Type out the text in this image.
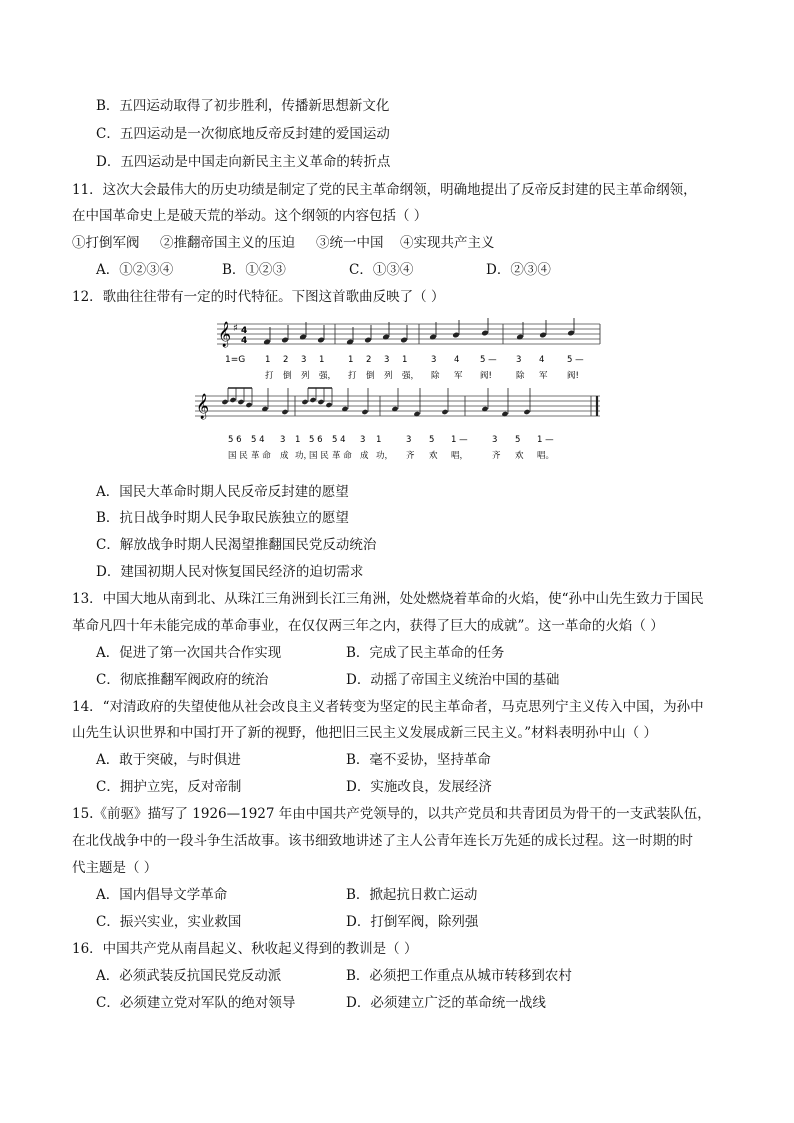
B．五四运动取得了初步胜利，传播新思想新文化
C．五四运动是一次彻底地反帝反封建的爱国运动
D．五四运动是中国走向新民主主义革命的转折点
11．这次大会最伟大的历史功绩是制定了党的民主革命纲领，明确地提出了反帝反封建的民主革命纲领，
在中国革命史上是破天荒的举动。这个纲领的内容包括（ ）
①打倒军阀 ②推翻帝国主义的压迫 ③统一中国 ④实现共产主义
A．①②③④	B．①②③	C．①③④	D．②③④
12．歌曲往往带有一定的时代特征。下图这首歌曲反映了（ ）
𝄞 ♯ 4
4
𝄞
1=G 1 2 3 1	1 2 3 1	3 4 5 — 3 4	5 —
打 倒 列 强， 打 倒 列 强， 除 军 阀!	除 军 阀!
5 6 5 4 3 1 5 6 5 4 3 1	3 5 1 —	3 5 1 —
国 民 革 命 成 功，
国 民 革 命 成 功， 齐 欢 唱，	齐 欢 唱。
A．国民大革命时期人民反帝反封建的愿望
B．抗日战争时期人民争取民族独立的愿望
C．解放战争时期人民渴望推翻国民党反动统治
D．建国初期人民对恢复国民经济的迫切需求
13．中国大地从南到北、从珠江三角洲到长江三角洲，处处燃烧着革命的火焰，使“孙中山先生致力于国民
革命凡四十年未能完成的革命事业，在仅仅两三年之内，获得了巨大的成就”。这一革命的火焰（ ）
A．促进了第一次国共合作实现	B．完成了民主革命的任务
C．彻底推翻军阀政府的统治	D．动摇了帝国主义统治中国的基础
14．“对清政府的失望使他从社会改良主义者转变为坚定的民主革命者，马克思列宁主义传入中国，为孙中
山先生认识世界和中国打开了新的视野，他把旧三民主义发展成新三民主义。”材料表明孙中山（ ）
A．敢于突破，与时俱进	B．毫不妥协，坚持革命
C．拥护立宪，反对帝制	D．实施改良，发展经济
15.《前驱》描写了 1926—1927 年由中国共产党领导的，以共产党员和共青团员为骨干的一支武装队伍，
在北伐战争中的一段斗争生活故事。该书细致地讲述了主人公青年连长万先延的成长过程。这一时期的时
代主题是（ ）
A．国内倡导文学革命	B．掀起抗日救亡运动
C．振兴实业，实业救国	D．打倒军阀，除列强
16．中国共产党从南昌起义、秋收起义得到的教训是（ ）
A．必须武装反抗国民党反动派	B．必须把工作重点从城市转移到农村
C．必须建立党对军队的绝对领导	D．必须建立广泛的革命统一战线
